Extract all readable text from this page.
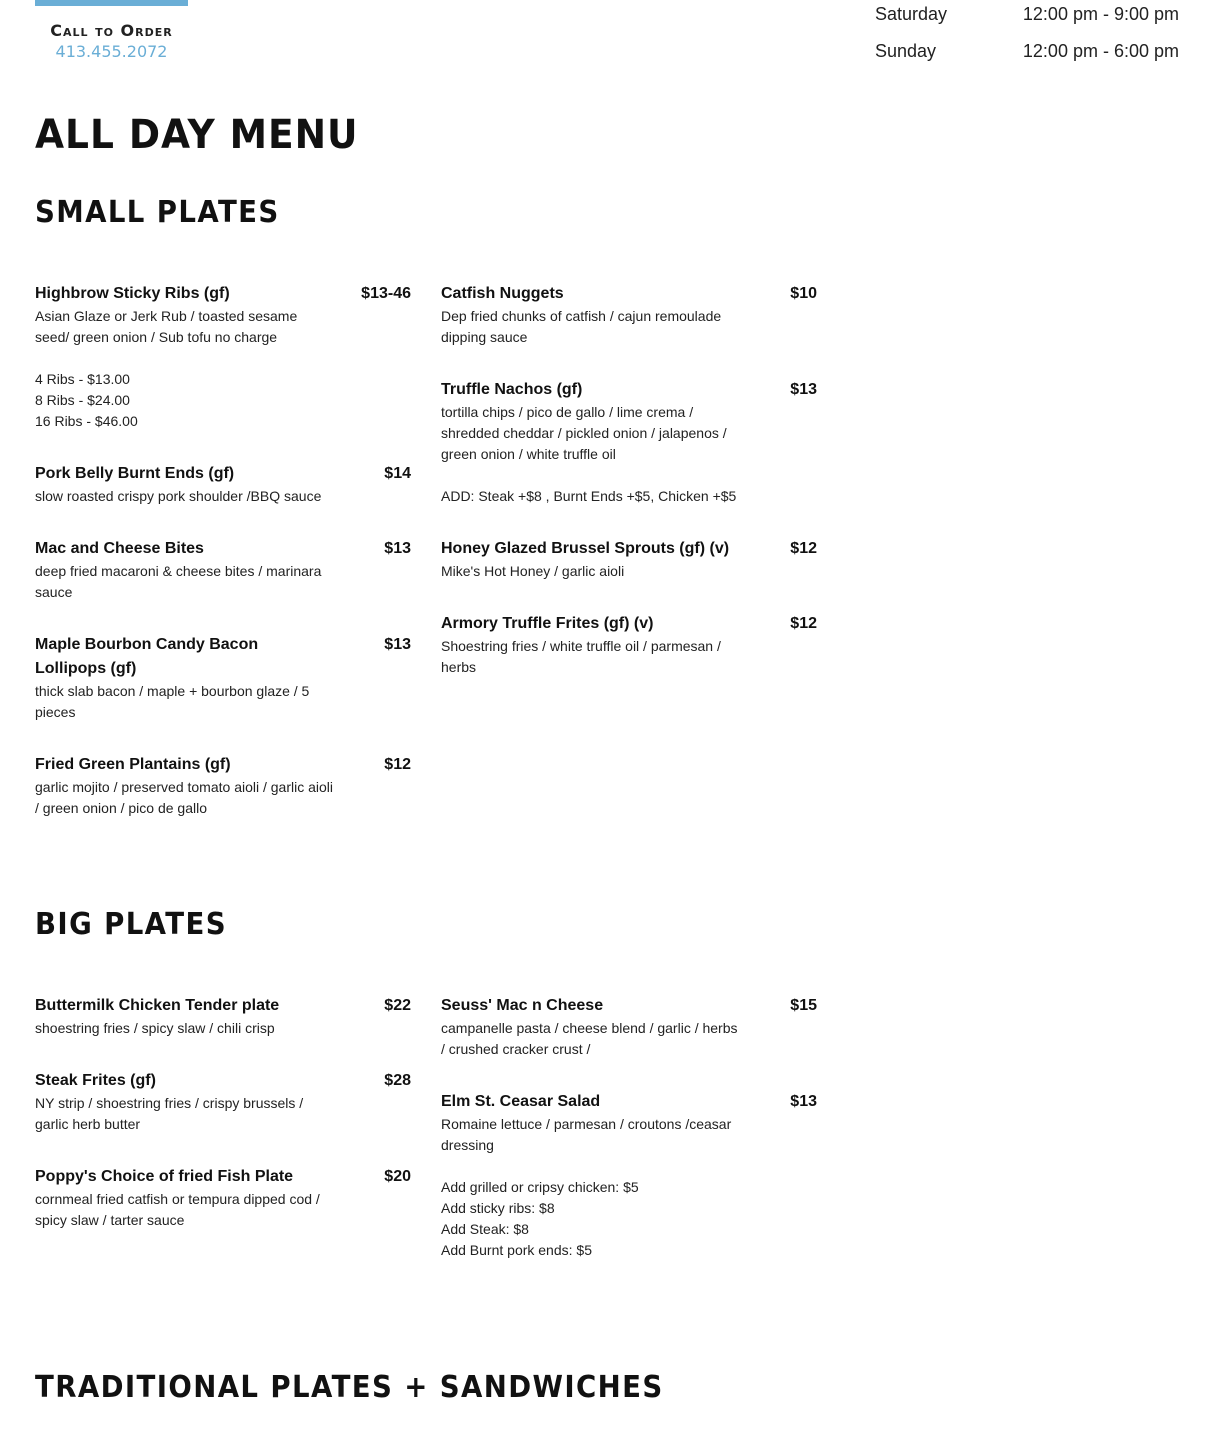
Call to Order
413.455.2072
Saturday	12:00 pm - 9:00 pm
Sunday	12:00 pm - 6:00 pm
ALL DAY MENU
SMALL PLATES
Highbrow Sticky Ribs (gf)	$13-46
Asian Glaze or Jerk Rub / toasted sesame seed/ green onion / Sub tofu no charge
4 Ribs - $13.00
8 Ribs - $24.00
16 Ribs - $46.00
Catfish Nuggets	$10
Dep fried chunks of catfish / cajun remoulade dipping sauce
Truffle Nachos (gf)	$13
tortilla chips / pico de gallo / lime crema / shredded cheddar / pickled onion / jalapenos / green onion / white truffle oil
ADD: Steak +$8 , Burnt Ends +$5, Chicken +$5
Pork Belly Burnt Ends (gf)	$14
slow roasted crispy pork shoulder /BBQ sauce
Mac and Cheese Bites	$13
deep fried macaroni & cheese bites / marinara sauce
Honey Glazed Brussel Sprouts (gf) (v)	$12
Mike's Hot Honey / garlic aioli
Maple Bourbon Candy Bacon Lollipops (gf)
$13
thick slab bacon / maple + bourbon glaze / 5 pieces
Armory Truffle Frites (gf) (v)	$12
Shoestring fries / white truffle oil / parmesan / herbs
Fried Green Plantains (gf)	$12
garlic mojito / preserved tomato aioli / garlic aioli / green onion / pico de gallo
BIG PLATES
Buttermilk Chicken Tender plate	$22
shoestring fries / spicy slaw / chili crisp
Seuss' Mac n Cheese	$15
campanelle pasta / cheese blend / garlic / herbs / crushed cracker crust /
Steak Frites (gf)	$28
NY strip / shoestring fries / crispy brussels / garlic herb butter
Elm St. Ceasar Salad	$13
Romaine lettuce / parmesan / croutons /ceasar dressing
Add grilled or cripsy chicken: $5
Add sticky ribs: $8
Add Steak: $8
Add Burnt pork ends: $5
Poppy's Choice of fried Fish Plate	$20
cornmeal fried catfish or tempura dipped cod / spicy slaw / tarter sauce
TRADITIONAL PLATES + SANDWICHES
